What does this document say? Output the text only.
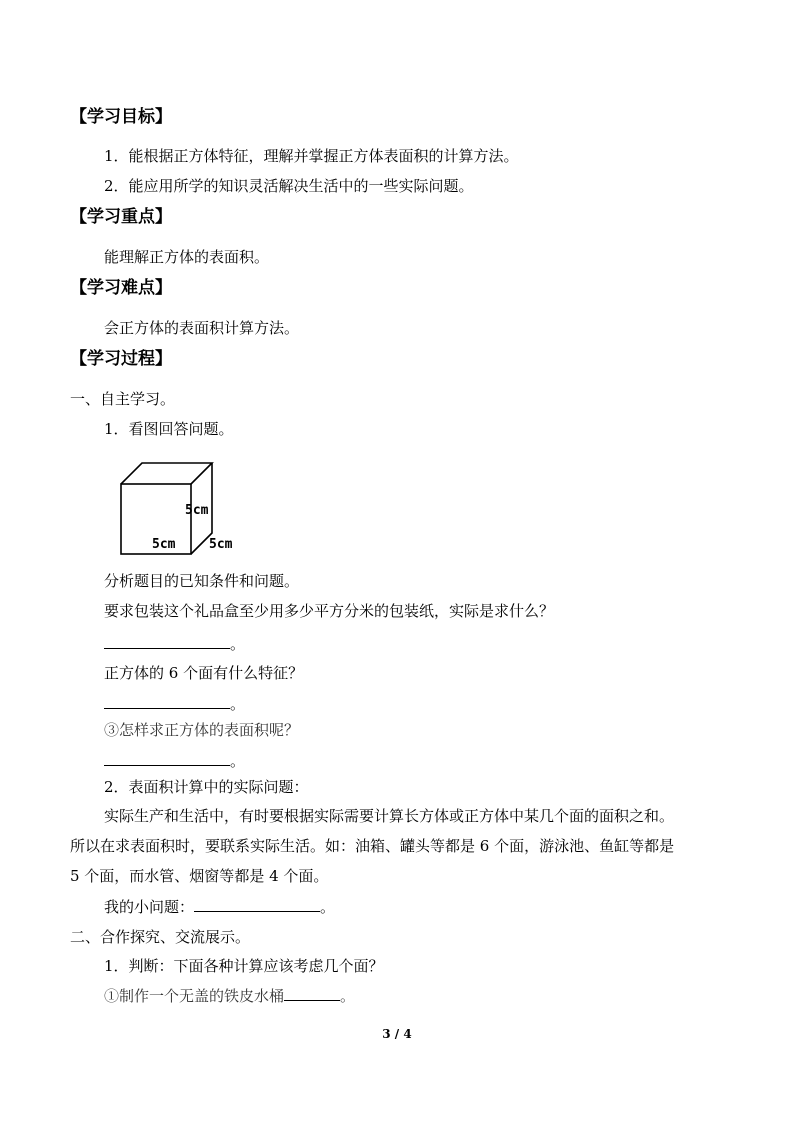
【学习目标】
1．能根据正方体特征，理解并掌握正方体表面积的计算方法。
2．能应用所学的知识灵活解决生活中的一些实际问题。
【学习重点】
能理解正方体的表面积。
【学习难点】
会正方体的表面积计算方法。
【学习过程】
一、自主学习。
1．看图回答问题。
5cm
5cm	5cm
分析题目的已知条件和问题。
要求包装这个礼品盒至少用多少平方分米的包装纸，实际是求什么？
。
正方体的 6 个面有什么特征？
。
③怎样求正方体的表面积呢？
。
2．表面积计算中的实际问题：
实际生产和生活中，有时要根据实际需要计算长方体或正方体中某几个面的面积之和。
所以在求表面积时，要联系实际生活。如：油箱、罐头等都是 6 个面，游泳池、鱼缸等都是
5 个面，而水管、烟窗等都是 4 个面。
我的小问题：	。
二、合作探究、交流展示。
1．判断：下面各种计算应该考虑几个面？
①制作一个无盖的铁皮水桶	。
3 / 4
